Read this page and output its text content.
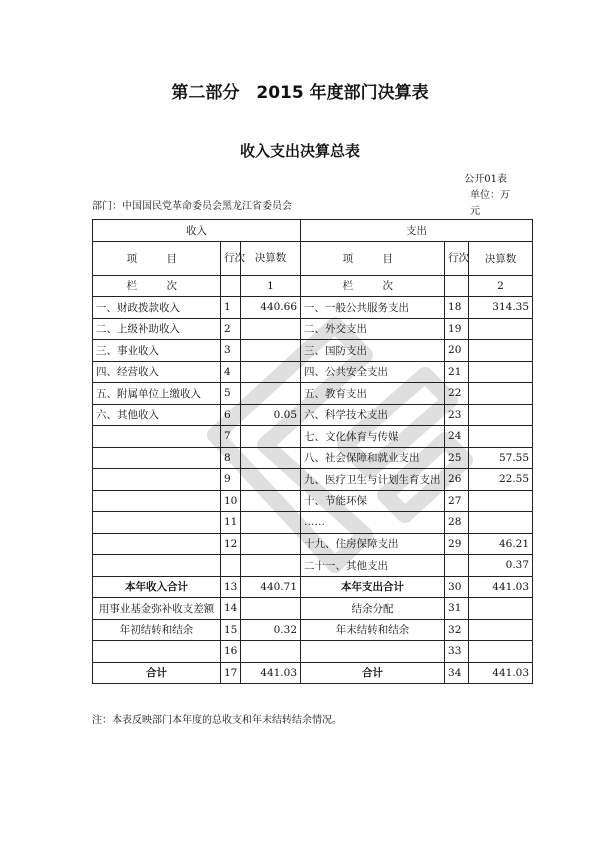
第二部分　2015 年度部门决算表
收入支出决算总表
公开01表
单位：万元
部门：中国国民党革命委员会黑龙江省委员会
收入			支出		
项　目	行次	决算数	项　目	行次	决算数
栏　次		1	栏　次		2
一、财政拨款收入	1	440.66	一、一般公共服务支出	18	314.35
二、上级补助收入	2		二、外交支出	19	
三、事业收入	3		三、国防支出	20	
四、经营收入	4		四、公共安全支出	21	
五、附属单位上缴收入	5		五、教育支出	22	
六、其他收入	6	0.05	六、科学技术支出	23	
	7		七、文化体育与传媒	24	
	8		八、社会保障和就业支出	25	57.55
	9		九、医疗卫生与计划生育支出	26	22.55
	10		十、节能环保	27	
	11		……	28	
	12		十九、住房保障支出	29	46.21
			二十一、其他支出		0.37
本年收入合计	13	440.71	本年支出合计	30	441.03
用事业基金弥补收支差额	14		结余分配	31	
年初结转和结余	15	0.32	年末结转和结余	32	
	16			33	
合计	17	441.03	合计	34	441.03
注：本表反映部门本年度的总收支和年末结转结余情况。
